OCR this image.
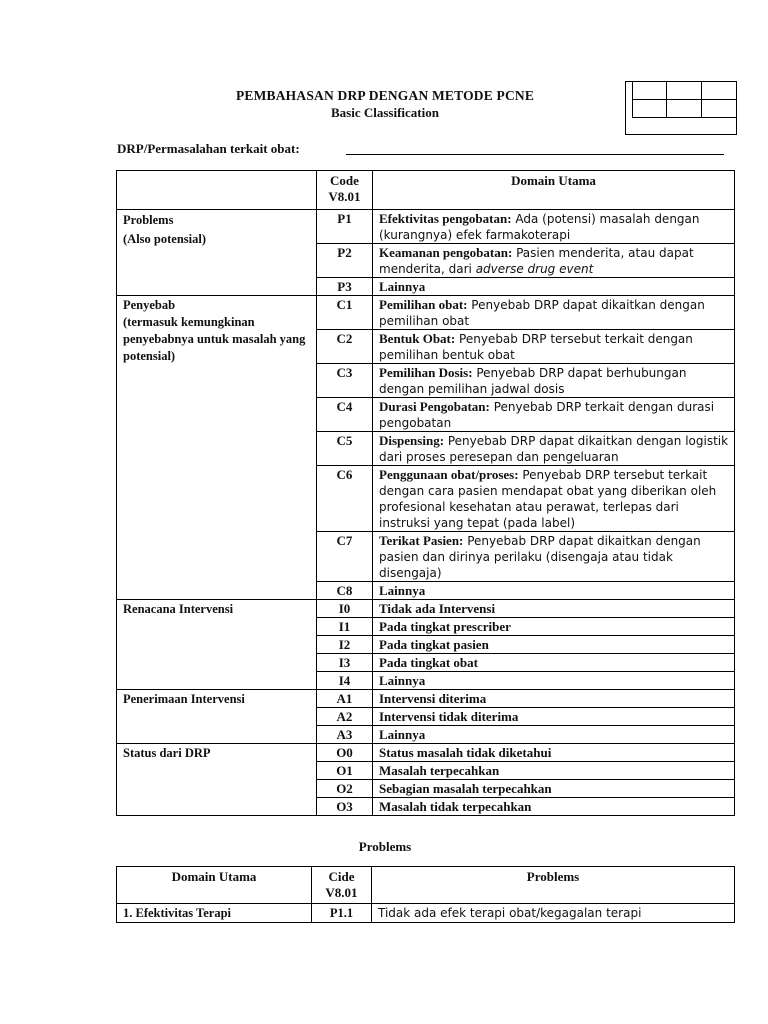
PEMBAHASAN DRP DENGAN METODE PCNE
Basic Classification
DRP/Permasalahan terkait obat:
	Code V8.01	Domain Utama
Problems
(Also potensial)	P1	Efektivitas pengobatan: Ada (potensi) masalah dengan (kurangnya) efek farmakoterapi
	P2	Keamanan pengobatan: Pasien menderita, atau dapat menderita, dari adverse drug event
	P3	Lainnya
Penyebab
(termasuk kemungkinan penyebabnya untuk masalah yang potensial)	C1	Pemilihan obat: Penyebab DRP dapat dikaitkan dengan pemilihan obat
	C2	Bentuk Obat: Penyebab DRP tersebut terkait dengan pemilihan bentuk obat
	C3	Pemilihan Dosis: Penyebab DRP dapat berhubungan dengan pemilihan jadwal dosis
	C4	Durasi Pengobatan: Penyebab DRP terkait dengan durasi pengobatan
	C5	Dispensing: Penyebab DRP dapat dikaitkan dengan logistik dari proses peresepan dan pengeluaran
	C6	Penggunaan obat/proses: Penyebab DRP tersebut terkait dengan cara pasien mendapat obat yang diberikan oleh profesional kesehatan atau perawat, terlepas dari instruksi yang tepat (pada label)
	C7	Terikat Pasien: Penyebab DRP dapat dikaitkan dengan pasien dan dirinya perilaku (disengaja atau tidak disengaja)
	C8	Lainnya
Renacana Intervensi	I0	Tidak ada Intervensi
	I1	Pada tingkat prescriber
	I2	Pada tingkat pasien
	I3	Pada tingkat obat
	I4	Lainnya
Penerimaan Intervensi	A1	Intervensi diterima
	A2	Intervensi tidak diterima
	A3	Lainnya
Status dari DRP	O0	Status masalah tidak diketahui
	O1	Masalah terpecahkan
	O2	Sebagian masalah terpecahkan
	O3	Masalah tidak terpecahkan
Problems
Domain Utama	Cide V8.01	Problems
1. Efektivitas Terapi	P1.1	Tidak ada efek terapi obat/kegagalan terapi
